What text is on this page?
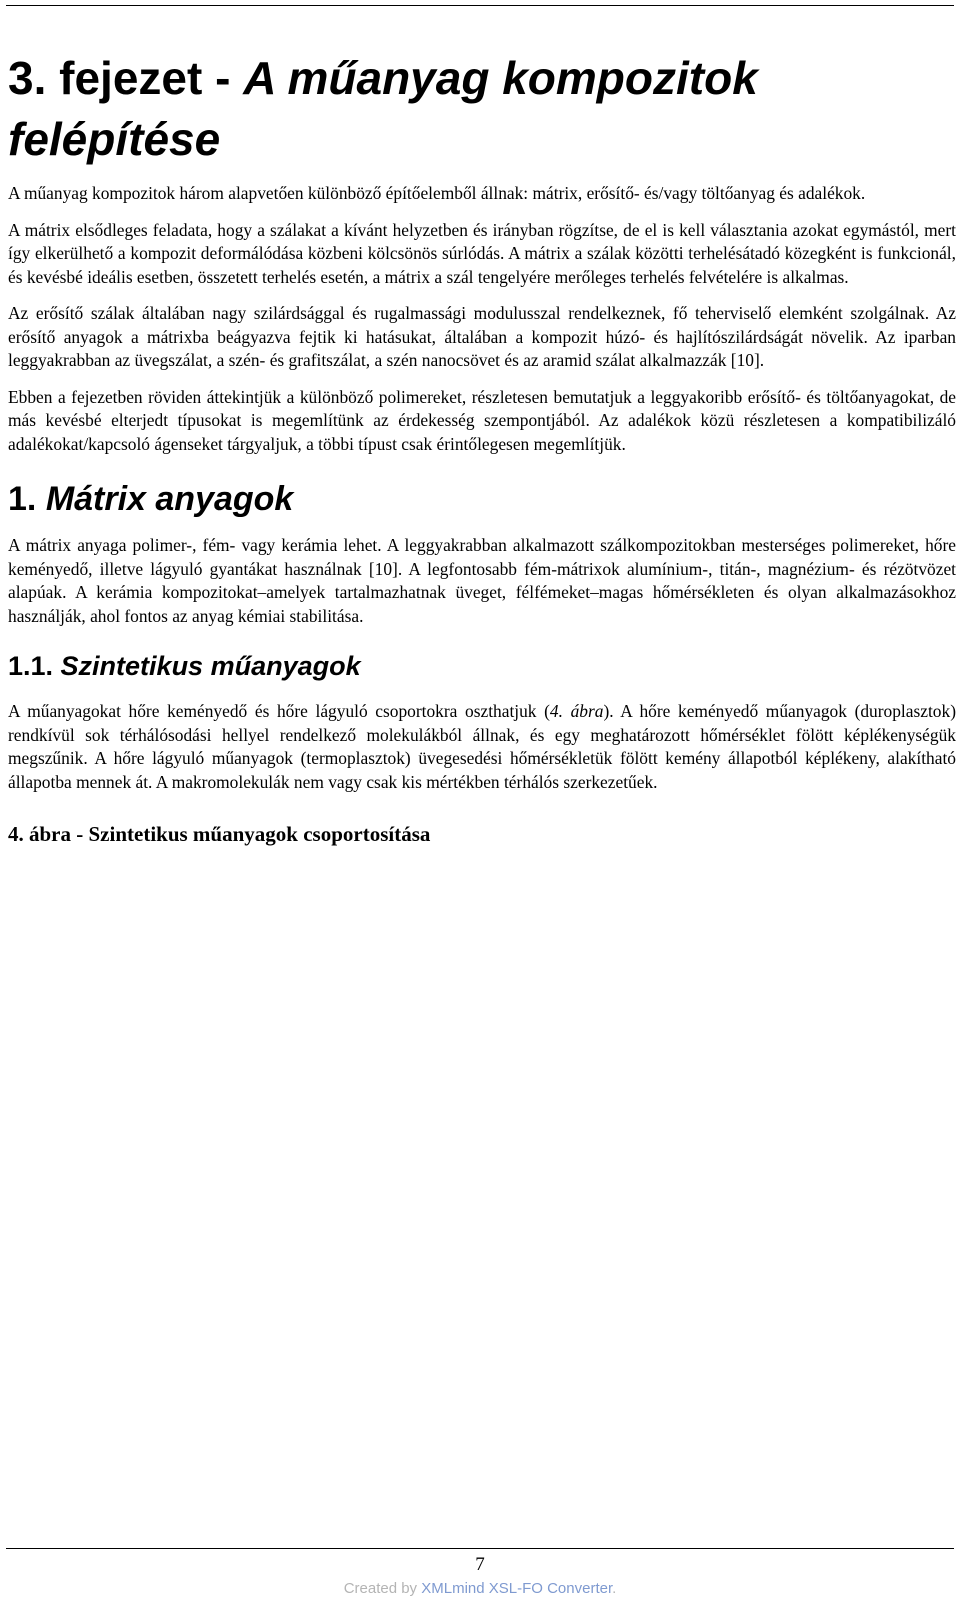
3. fejezet - A műanyag kompozitok felépítése

A műanyag kompozitok három alapvetően különböző építőelemből állnak: mátrix, erősítő- és/vagy töltőanyag és adalékok.

A mátrix elsődleges feladata, hogy a szálakat a kívánt helyzetben és irányban rögzítse, de el is kell választania azokat egymástól, mert így elkerülhető a kompozit deformálódása közbeni kölcsönös súrlódás. A mátrix a szálak közötti terhelésátadó közegként is funkcionál, és kevésbé ideális esetben, összetett terhelés esetén, a mátrix a szál tengelyére merőleges terhelés felvételére is alkalmas.

Az erősítő szálak általában nagy szilárdsággal és rugalmassági modulusszal rendelkeznek, fő teherviselő elemként szolgálnak. Az erősítő anyagok a mátrixba beágyazva fejtik ki hatásukat, általában a kompozit húzó- és hajlítószilárdságát növelik. Az iparban leggyakrabban az üvegszálat, a szén- és grafitszálat, a szén nanocsövet és az aramid szálat alkalmazzák [10].

Ebben a fejezetben röviden áttekintjük a különböző polimereket, részletesen bemutatjuk a leggyakoribb erősítő- és töltőanyagokat, de más kevésbé elterjedt típusokat is megemlítünk az érdekesség szempontjából. Az adalékok közü részletesen a kompatibilizáló adalékokat/kapcsoló ágenseket tárgyaljuk, a többi típust csak érintőlegesen megemlítjük.

1. Mátrix anyagok

A mátrix anyaga polimer-, fém- vagy kerámia lehet. A leggyakrabban alkalmazott szálkompozitokban mesterséges polimereket, hőre keményedő, illetve lágyuló gyantákat használnak [10]. A legfontosabb fém-mátrixok alumínium-, titán-, magnézium- és rézötvözet alapúak. A kerámia kompozitokat–amelyek tartalmazhatnak üveget, félfémeket–magas hőmérsékleten és olyan alkalmazásokhoz használják, ahol fontos az anyag kémiai stabilitása.

1.1. Szintetikus műanyagok

A műanyagokat hőre keményedő és hőre lágyuló csoportokra oszthatjuk (4. ábra). A hőre keményedő műanyagok (duroplasztok) rendkívül sok térhálósodási hellyel rendelkező molekulákból állnak, és egy meghatározott hőmérséklet fölött képlékenységük megszűnik. A hőre lágyuló műanyagok (termoplasztok) üvegesedési hőmérsékletük fölött kemény állapotból képlékeny, alakítható állapotba mennek át. A makromolekulák nem vagy csak kis mértékben térhálós szerkezetűek.

4. ábra - Szintetikus műanyagok csoportosítása
7
Created by XMLmind XSL-FO Converter.
